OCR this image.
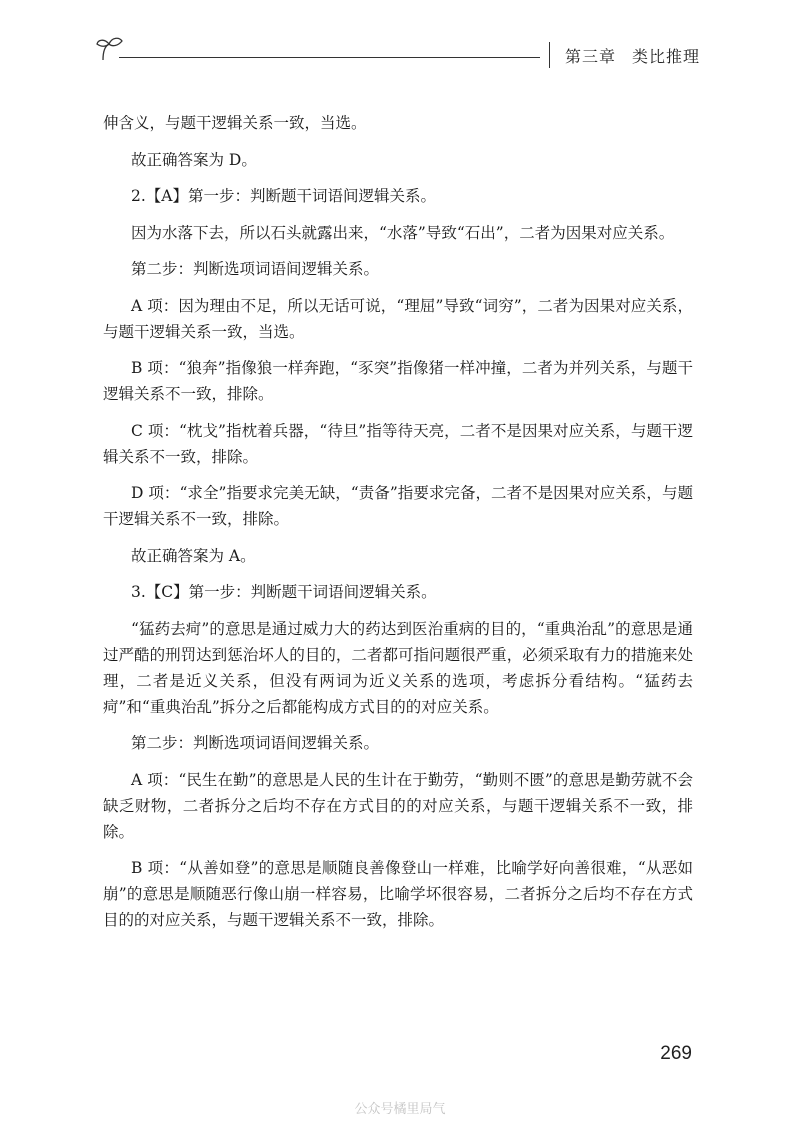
第三章 类比推理

伸含义，与题干逻辑关系一致，当选。

故正确答案为 D。

2.【A】第一步：判断题干词语间逻辑关系。

因为水落下去，所以石头就露出来，“水落”导致“石出”，二者为因果对应关系。

第二步：判断选项词语间逻辑关系。

A 项：因为理由不足，所以无话可说，“理屈”导致“词穷”，二者为因果对应关系，与题干逻辑关系一致，当选。

B 项：“狼奔”指像狼一样奔跑，“豕突”指像猪一样冲撞，二者为并列关系，与题干逻辑关系不一致，排除。

C 项：“枕戈”指枕着兵器，“待旦”指等待天亮，二者不是因果对应关系，与题干逻辑关系不一致，排除。

D 项：“求全”指要求完美无缺，“责备”指要求完备，二者不是因果对应关系，与题干逻辑关系不一致，排除。

故正确答案为 A。

3.【C】第一步：判断题干词语间逻辑关系。

“猛药去疴”的意思是通过威力大的药达到医治重病的目的，“重典治乱”的意思是通过严酷的刑罚达到惩治坏人的目的，二者都可指问题很严重，必须采取有力的措施来处理，二者是近义关系，但没有两词为近义关系的选项，考虑拆分看结构。“猛药去疴”和“重典治乱”拆分之后都能构成方式目的的对应关系。

第二步：判断选项词语间逻辑关系。

A 项：“民生在勤”的意思是人民的生计在于勤劳，“勤则不匮”的意思是勤劳就不会缺乏财物，二者拆分之后均不存在方式目的的对应关系，与题干逻辑关系不一致，排除。

B 项：“从善如登”的意思是顺随良善像登山一样难，比喻学好向善很难，“从恶如崩”的意思是顺随恶行像山崩一样容易，比喻学坏很容易，二者拆分之后均不存在方式目的的对应关系，与题干逻辑关系不一致，排除。

269
公众号橘里局气
